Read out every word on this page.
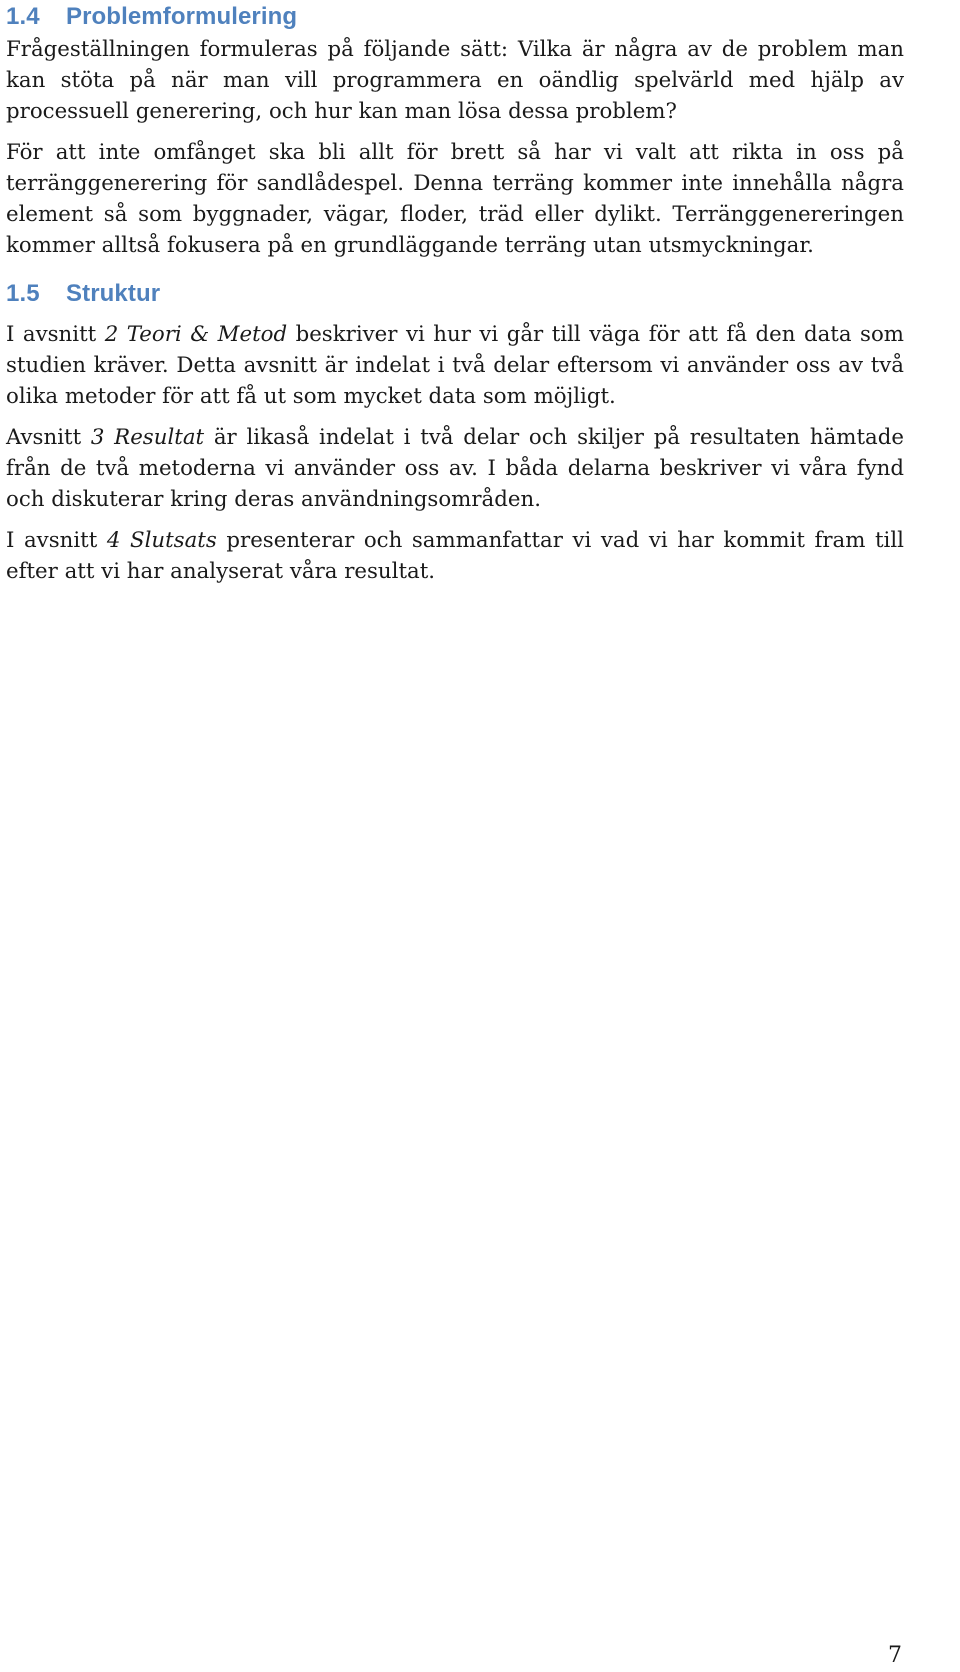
1.4 Problemformulering

Frågeställningen formuleras på följande sätt: Vilka är några av de problem man kan stöta på när man vill programmera en oändlig spelvärld med hjälp av processuell generering, och hur kan man lösa dessa problem?

För att inte omfånget ska bli allt för brett så har vi valt att rikta in oss på terränggenerering för sandlådespel. Denna terräng kommer inte innehålla några element så som byggnader, vägar, floder, träd eller dylikt. Terränggenereringen kommer alltså fokusera på en grundläggande terräng utan utsmyckningar.

1.5 Struktur

I avsnitt 2 Teori & Metod beskriver vi hur vi går till väga för att få den data som studien kräver. Detta avsnitt är indelat i två delar eftersom vi använder oss av två olika metoder för att få ut som mycket data som möjligt.

Avsnitt 3 Resultat är likaså indelat i två delar och skiljer på resultaten hämtade från de två metoderna vi använder oss av. I båda delarna beskriver vi våra fynd och diskuterar kring deras användningsområden.

I avsnitt 4 Slutsats presenterar och sammanfattar vi vad vi har kommit fram till efter att vi har analyserat våra resultat.

7
